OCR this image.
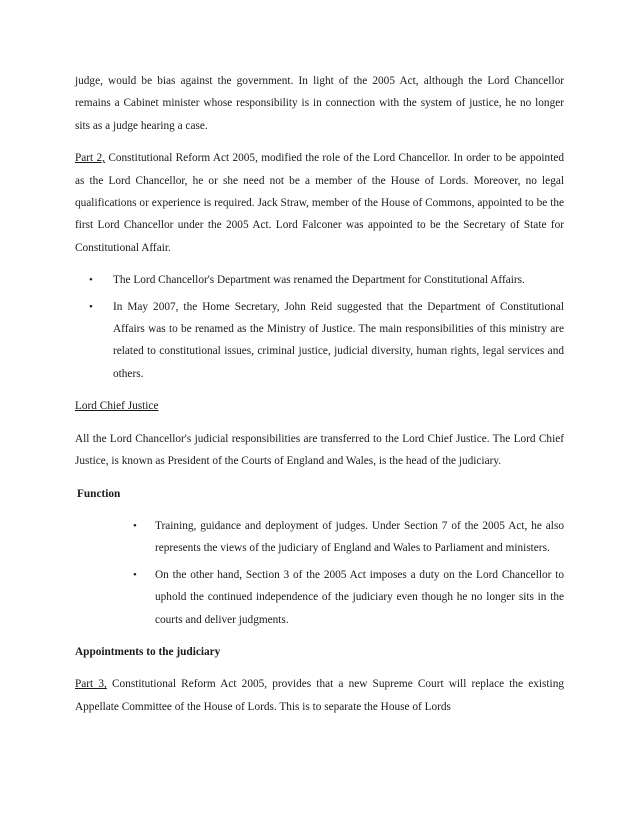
judge, would be bias against the government. In light of the 2005 Act, although the Lord Chancellor remains a Cabinet minister whose responsibility is in connection with the system of justice, he no longer sits as a judge hearing a case.

Part 2, Constitutional Reform Act 2005, modified the role of the Lord Chancellor. In order to be appointed as the Lord Chancellor, he or she need not be a member of the House of Lords. Moreover, no legal qualifications or experience is required. Jack Straw, member of the House of Commons, appointed to be the first Lord Chancellor under the 2005 Act. Lord Falconer was appointed to be the Secretary of State for Constitutional Affair.

• The Lord Chancellor's Department was renamed the Department for Constitutional Affairs.
• In May 2007, the Home Secretary, John Reid suggested that the Department of Constitutional Affairs was to be renamed as the Ministry of Justice. The main responsibilities of this ministry are related to constitutional issues, criminal justice, judicial diversity, human rights, legal services and others.

Lord Chief Justice

All the Lord Chancellor's judicial responsibilities are transferred to the Lord Chief Justice. The Lord Chief Justice, is known as President of the Courts of England and Wales, is the head of the judiciary.

Function

• Training, guidance and deployment of judges. Under Section 7 of the 2005 Act, he also represents the views of the judiciary of England and Wales to Parliament and ministers.
• On the other hand, Section 3 of the 2005 Act imposes a duty on the Lord Chancellor to uphold the continued independence of the judiciary even though he no longer sits in the courts and deliver judgments.

Appointments to the judiciary

Part 3, Constitutional Reform Act 2005, provides that a new Supreme Court will replace the existing Appellate Committee of the House of Lords. This is to separate the House of Lords
